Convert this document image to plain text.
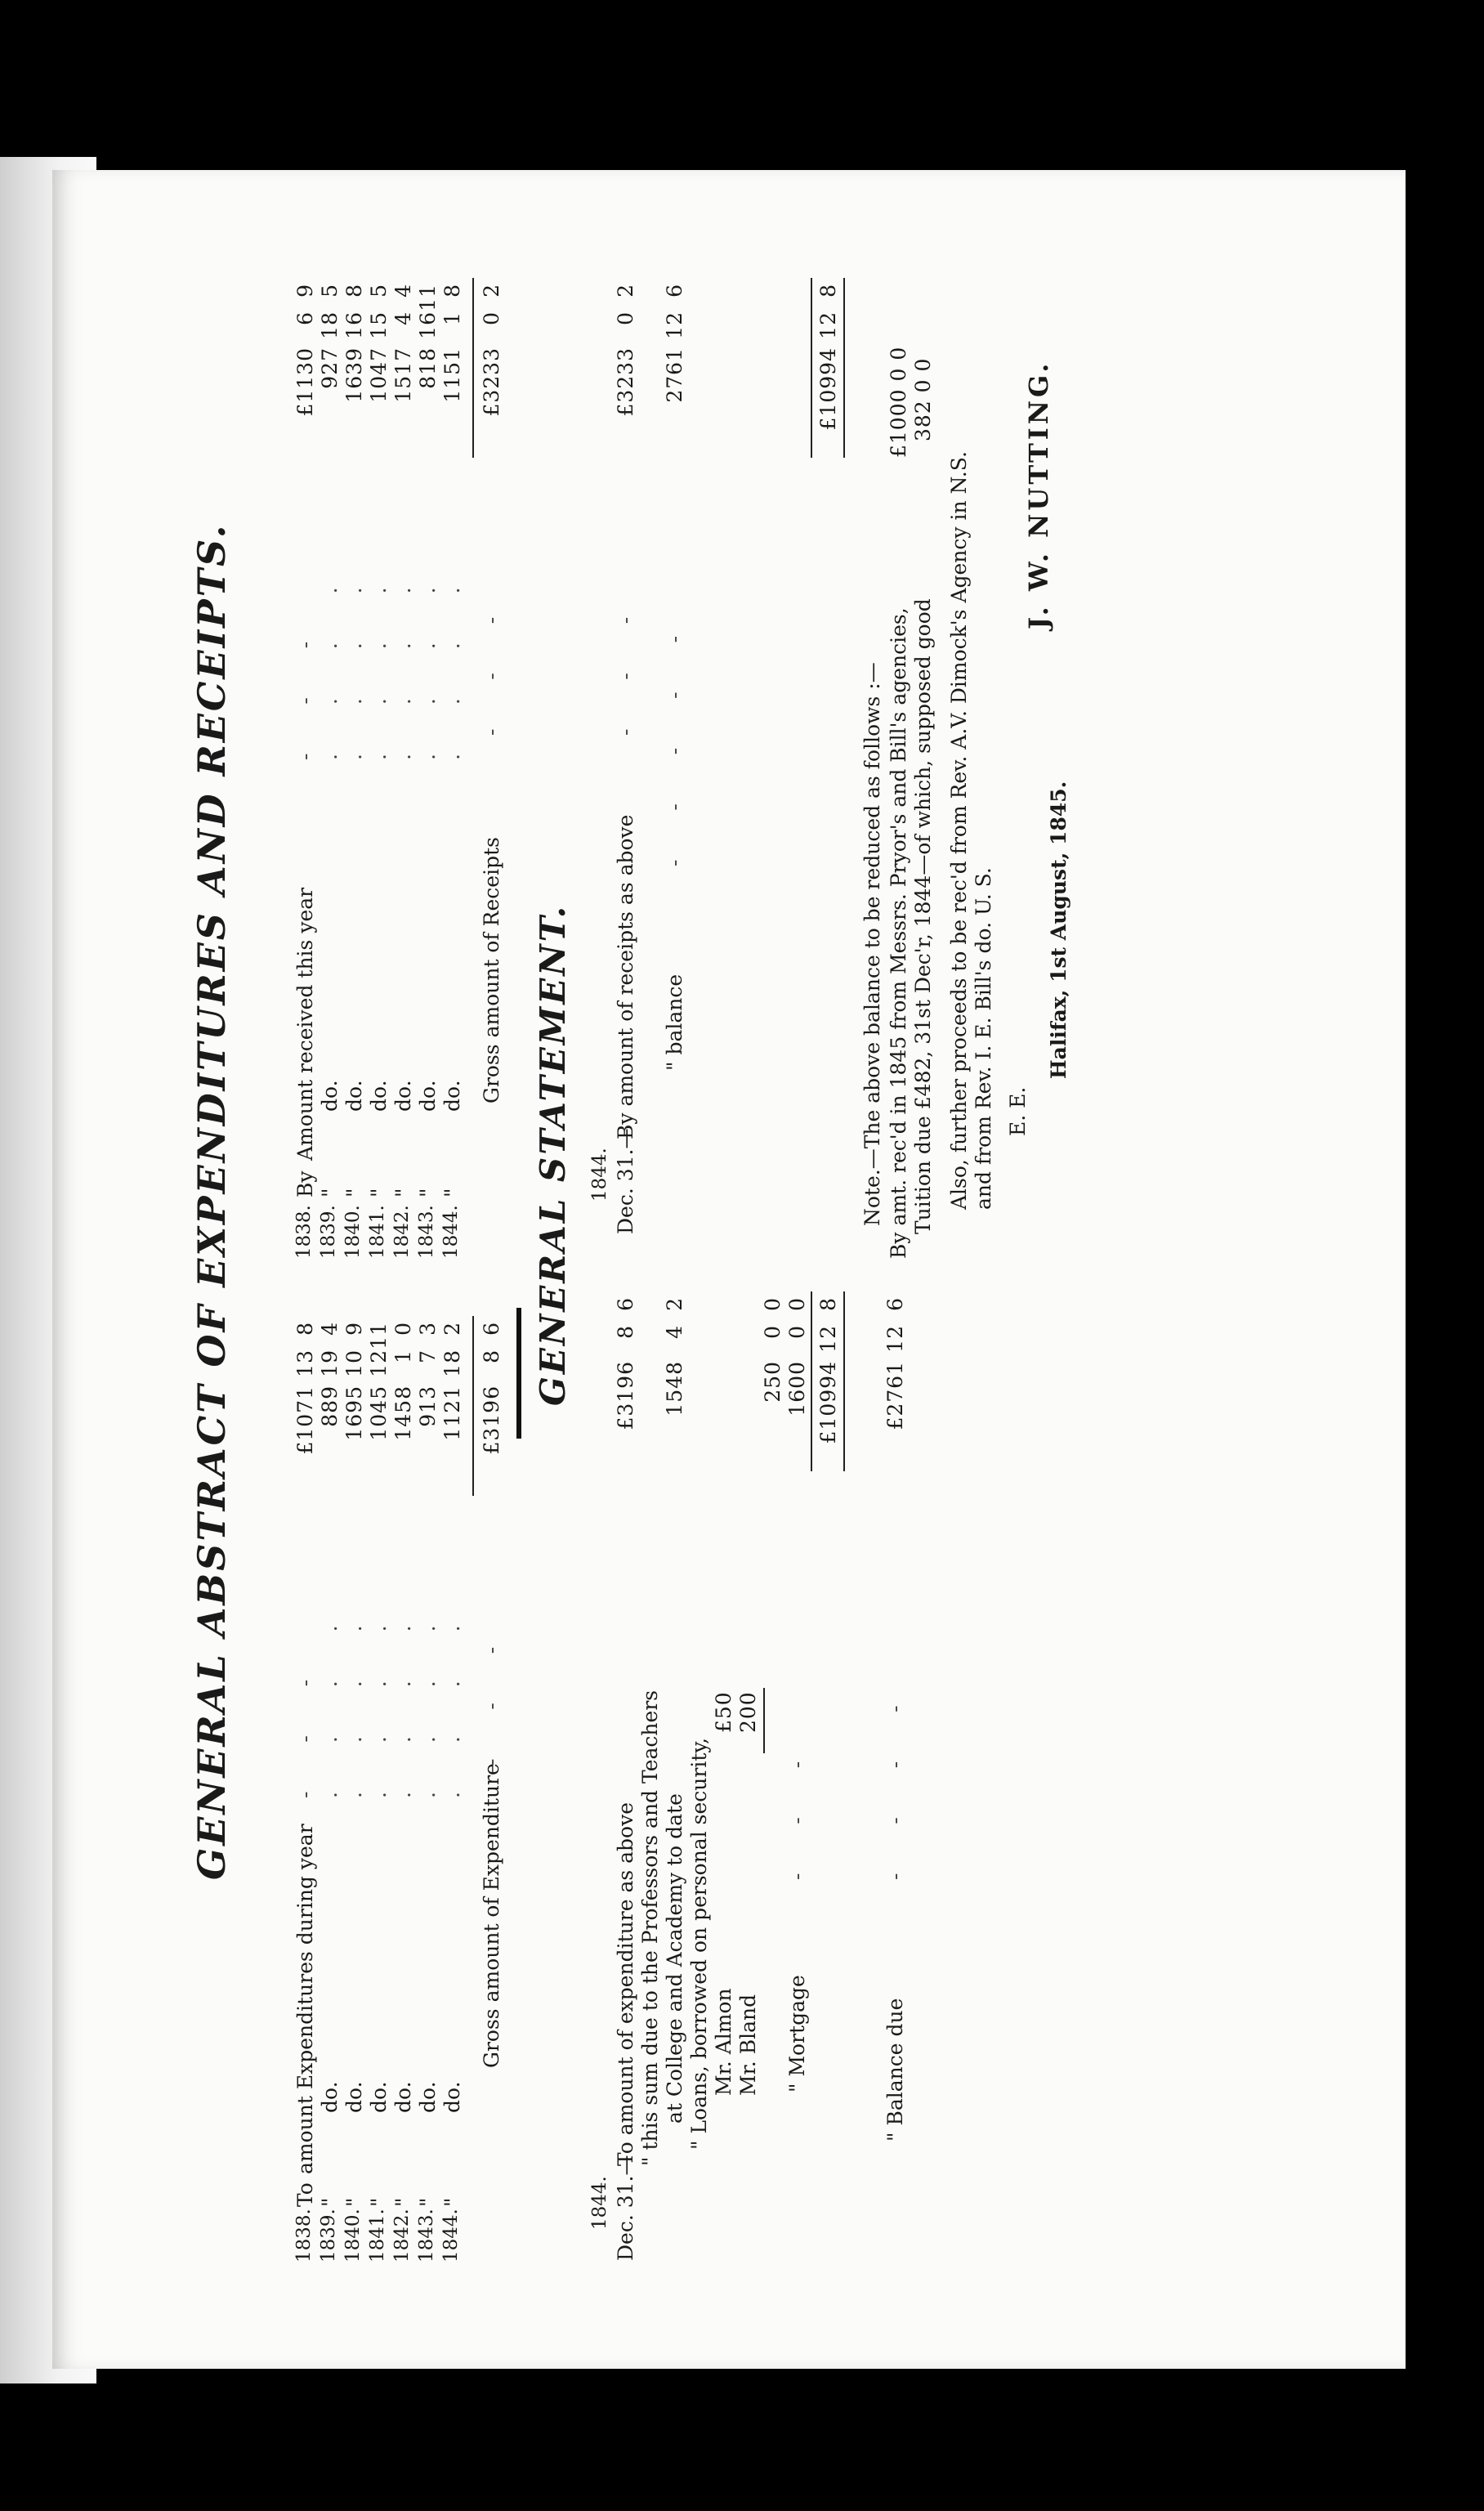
GENERAL ABSTRACT OF EXPENDITURES AND RECEIPTS.
1838.
To
amount Expenditures during year
- - -
£1071138
1839.
"
do.
. . . .
889194
1840.
"
do.
. . . .
1695109
1841.
"
do.
. . . .
10451211
1842.
"
do.
. . . .
145810
1843.
"
do.
. . . .
91373
1844.
"
do.
. . . .
1121182
Gross amount of Expenditure
- - -
£319686
1838.
By
Amount received this year
- - -
£113069
1839.
"
do.
. . . .
927185
1840.
"
do.
. . . .
1639168
1841.
"
do.
. . . .
1047155
1842.
"
do.
. . . .
151744
1843.
"
do.
. . . .
8181611
1844.
"
do.
. . . .
115118
Gross amount of Receipts
- - -
£323302
GENERAL STATEMENT.
1844. Dec. 31.—
To amount of expenditure as above " this sum due to the Professors and Teachers at College and Academy to date " Loans, borrowed on personal security, Mr. Almon Mr. Bland
£50 200
" Mortgage
- - -
£319686
154842
25000
160000
£10994128
" Balance due
- - - -
£2761126
1844. Dec. 31.—
By amount of receipts as above
- - -
£323302
" balance
- - - - -
2761126
£10994128
Note.—The above balance to be reduced as follows :— By amt. rec'd in 1845 from Messrs. Pryor's and Bill's agencies,
£1000 0 0
Tuition due £482, 31st Dec'r, 1844—of which, supposed good
382 0 0
Also, further proceeds to be rec'd from Rev. A.V. Dimock's Agency in N.S. and from Rev. I. E. Bill's do. U. S. E. E.
Halifax, 1st August, 1845.
J. W. NUTTING.
